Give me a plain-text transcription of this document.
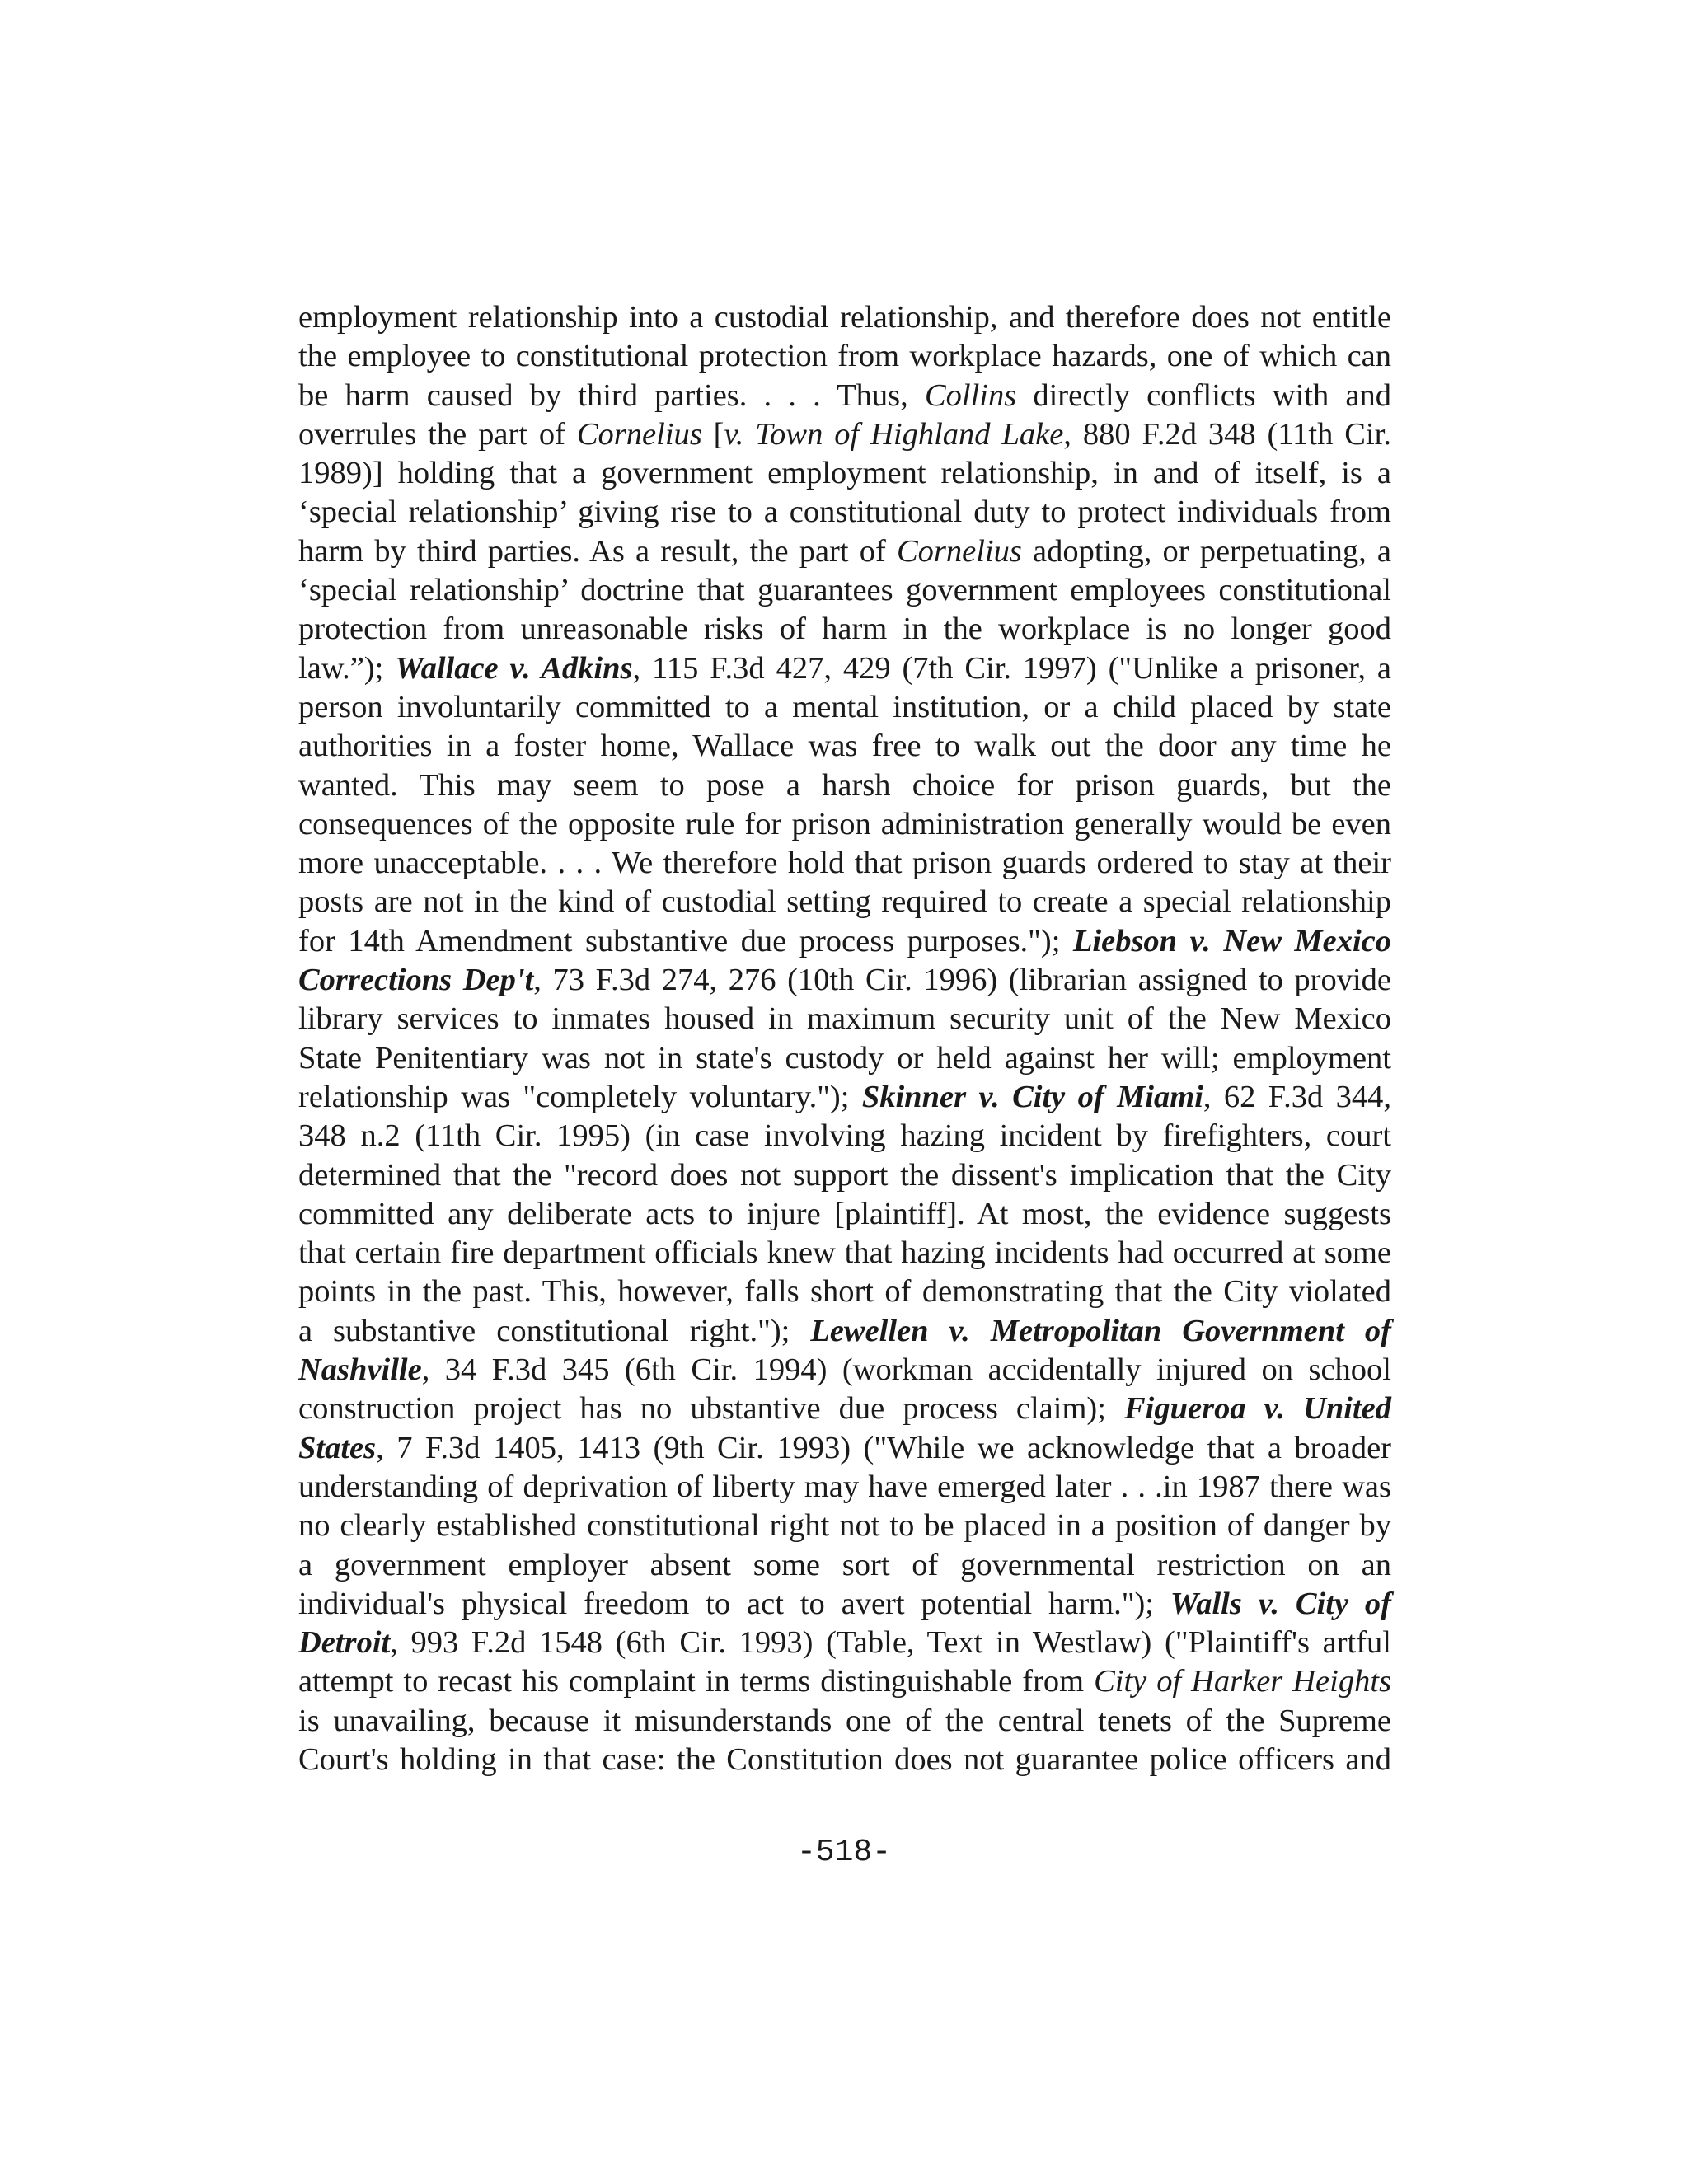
employment relationship into a custodial relationship, and therefore does not entitle
the employee to constitutional protection from workplace hazards, one of which can
be harm caused by third parties. . . . Thus, Collins directly conflicts with and
overrules the part of Cornelius [v. Town of Highland Lake, 880 F.2d 348 (11th Cir.
1989)] holding that a government employment relationship, in and of itself, is a
‘special relationship’ giving rise to a constitutional duty to protect individuals from
harm by third parties. As a result, the part of Cornelius adopting, or perpetuating, a
‘special relationship’ doctrine that guarantees government employees constitutional
protection from unreasonable risks of harm in the workplace is no longer good
law.”); Wallace v. Adkins, 115 F.3d 427, 429 (7th Cir. 1997) ("Unlike a prisoner, a
person involuntarily committed to a mental institution, or a child placed by state
authorities in a foster home, Wallace was free to walk out the door any time he
wanted. This may seem to pose a harsh choice for prison guards, but the
consequences of the opposite rule for prison administration generally would be even
more unacceptable. . . . We therefore hold that prison guards ordered to stay at their
posts are not in the kind of custodial setting required to create a special relationship
for 14th Amendment substantive due process purposes."); Liebson v. New Mexico
Corrections Dep't, 73 F.3d 274, 276 (10th Cir. 1996) (librarian assigned to provide
library services to inmates housed in maximum security unit of the New Mexico
State Penitentiary was not in state's custody or held against her will; employment
relationship was "completely voluntary."); Skinner v. City of Miami, 62 F.3d 344,
348 n.2 (11th Cir. 1995) (in case involving hazing incident by firefighters, court
determined that the "record does not support the dissent's implication that the City
committed any deliberate acts to injure [plaintiff]. At most, the evidence suggests
that certain fire department officials knew that hazing incidents had occurred at some
points in the past. This, however, falls short of demonstrating that the City violated
a substantive constitutional right."); Lewellen v. Metropolitan Government of
Nashville, 34 F.3d 345 (6th Cir. 1994) (workman accidentally injured on school
construction project has no ubstantive due process claim); Figueroa v. United
States, 7 F.3d 1405, 1413 (9th Cir. 1993) ("While we acknowledge that a broader
understanding of deprivation of liberty may have emerged later . . .in 1987 there was
no clearly established constitutional right not to be placed in a position of danger by
a government employer absent some sort of governmental restriction on an
individual's physical freedom to act to avert potential harm."); Walls v. City of
Detroit, 993 F.2d 1548 (6th Cir. 1993) (Table, Text in Westlaw) ("Plaintiff's artful
attempt to recast his complaint in terms distinguishable from City of Harker Heights
is unavailing, because it misunderstands one of the central tenets of the Supreme
Court's holding in that case: the Constitution does not guarantee police officers and
-518-
